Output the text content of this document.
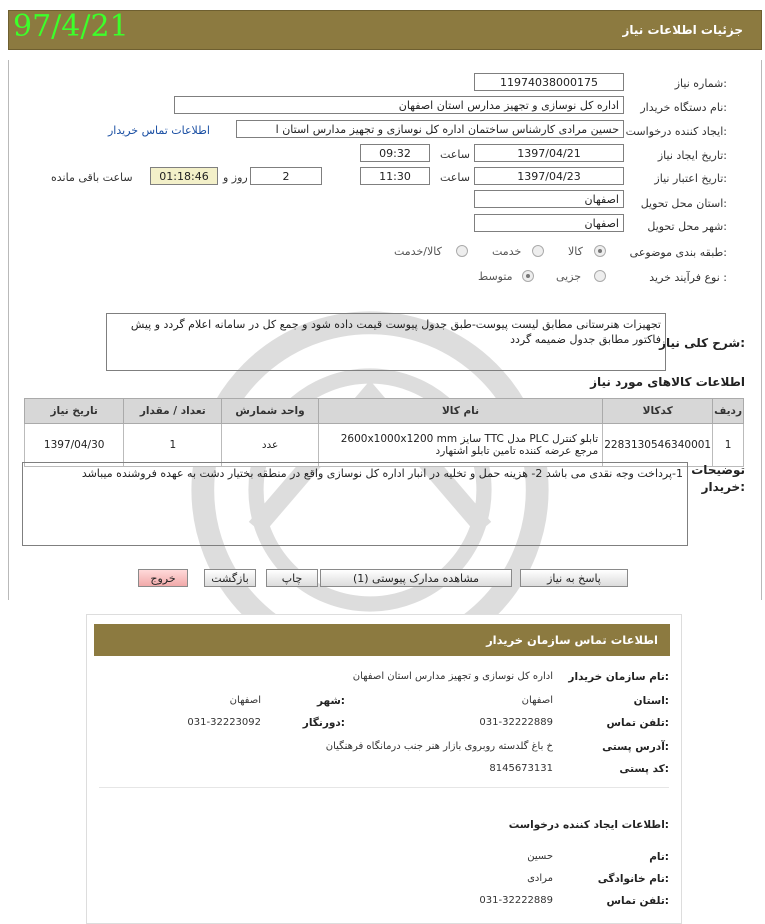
جزئیات اطلاعات نیاز
97/4/21
شماره نیاز:
11974038000175
نام دستگاه خریدار:
اداره کل نوسازی و تجهیز مدارس استان اصفهان
ایجاد کننده درخواست:
حسین مرادی کارشناس ساختمان اداره کل نوسازی و تجهیز مدارس استان ا
اطلاعات تماس خریدار
تاریخ ایجاد نیاز:
1397/04/21
ساعت
09:32
تاریخ اعتبار نیاز:
1397/04/23
ساعت
11:30
2
روز و
01:18:46
ساعت باقی مانده
استان محل تحویل:
اصفهان
شهر محل تحویل:
اصفهان
طبقه بندی موضوعی:
کالا
خدمت
کالا/خدمت
نوع فرآیند خرید :
جزیی
متوسط
شرح کلی نیاز:
تجهیزات هنرستانی مطابق لیست پیوست-طبق جدول پیوست قیمت داده شود و جمع کل در سامانه اعلام گردد و پیش فاکتور مطابق جدول ضمیمه گردد
اطلاعات کالاهای مورد نیاز
ردیف	کدکالا	نام کالا	واحد شمارش	تعداد / مقدار	تاریخ نیاز
1	2283130546340001	تابلو کنترل PLC مدل TTC سایز 2600x1000x1200 mm
مرجع عرضه کننده تامین تابلو اشتهارد	عدد	1	1397/04/30
توضیحات خریدار:
1-پرداخت وجه نقدی می باشد 2- هزینه حمل و تخلیه در انبار اداره کل نوسازی واقع در منطقه بختیار دشت به عهده فروشنده میباشد
پاسخ به نیاز
مشاهده مدارک پیوستی (1)
چاپ
بازگشت
خروج
اطلاعات تماس سازمان خریدار
نام سازمان خریدار:
اداره کل نوسازی و تجهیز مدارس استان اصفهان
استان:
اصفهان
شهر:
اصفهان
تلفن تماس:
031-32222889
دورنگار:
031-32223092
آدرس پستی:
خ باغ گلدسته روبروی بازار هنر جنب درمانگاه فرهنگیان
کد پستی:
8145673131
اطلاعات ایجاد کننده درخواست:
نام:
حسین
نام خانوادگی:
مرادی
تلفن تماس:
031-32222889
